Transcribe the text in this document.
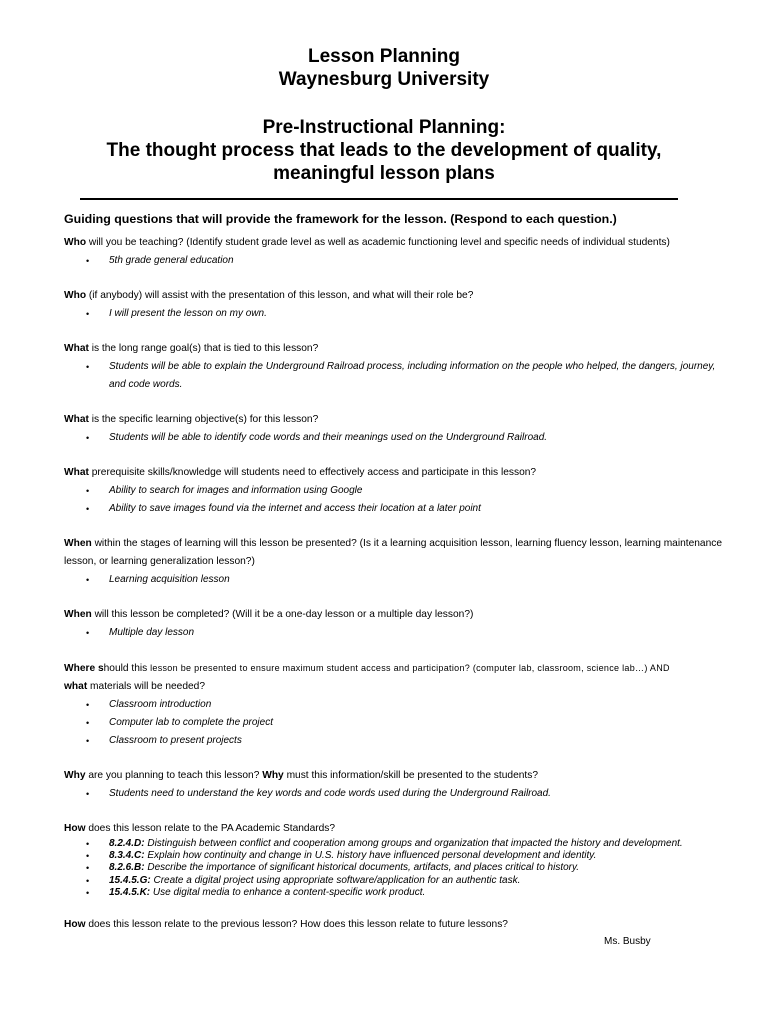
Lesson Planning

Waynesburg University

Pre-Instructional Planning:

The thought process that leads to the development of quality,

meaningful lesson plans

Guiding questions that will provide the framework for the lesson. (Respond to each question.)

Who will you be teaching? (Identify student grade level as well as academic functioning level and specific needs of individual students)

• 5th grade general education

Who (if anybody) will assist with the presentation of this lesson, and what will their role be?

• I will present the lesson on my own.

What is the long range goal(s) that is tied to this lesson?

• Students will be able to explain the Underground Railroad process, including information on the people who helped, the dangers, journey, and code words.

What is the specific learning objective(s) for this lesson?

• Students will be able to identify code words and their meanings used on the Underground Railroad.

What prerequisite skills/knowledge will students need to effectively access and participate in this lesson?

• Ability to search for images and information using Google
• Ability to save images found via the internet and access their location at a later point

When within the stages of learning will this lesson be presented? (Is it a learning acquisition lesson, learning fluency lesson, learning maintenance lesson, or learning generalization lesson?)

• Learning acquisition lesson

When will this lesson be completed? (Will it be a one-day lesson or a multiple day lesson?)

• Multiple day lesson

Where should this lesson be presented to ensure maximum student access and participation? (computer lab, classroom, science lab…) AND
what materials will be needed?

• Classroom introduction
• Computer lab to complete the project
• Classroom to present projects

Why are you planning to teach this lesson? Why must this information/skill be presented to the students?

• Students need to understand the key words and code words used during the Underground Railroad.

How does this lesson relate to the PA Academic Standards?

• 8.2.4.D: Distinguish between conflict and cooperation among groups and organization that impacted the history and development.
• 8.3.4.C: Explain how continuity and change in U.S. history have influenced personal development and identity.
• 8.2.6.B: Describe the importance of significant historical documents, artifacts, and places critical to history.
• 15.4.5.G: Create a digital project using appropriate software/application for an authentic task.
• 15.4.5.K: Use digital media to enhance a content-specific work product.

How does this lesson relate to the previous lesson? How does this lesson relate to future lessons?

Ms. Busby
